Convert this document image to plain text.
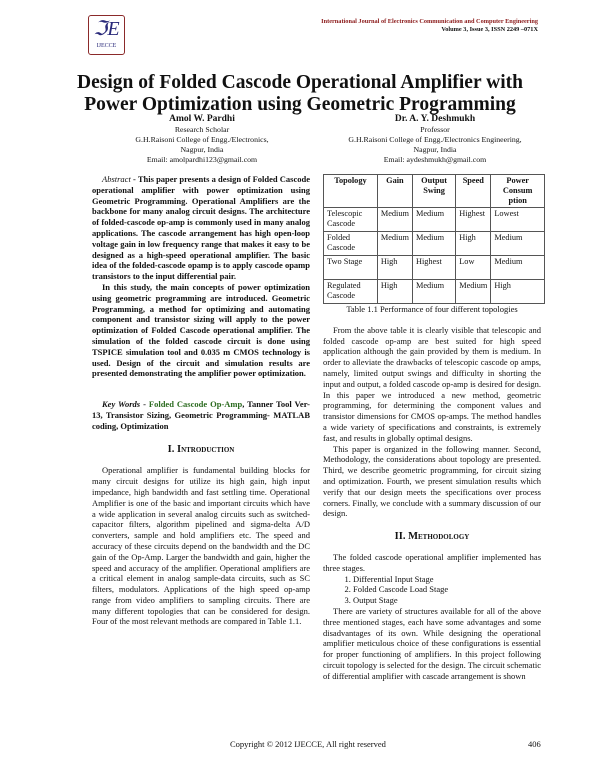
ℑE
IJECCE
International Journal of Electronics Communication and Computer Engineering
Volume 3, Issue 3, ISSN 2249 –071X
Design of Folded Cascode Operational Amplifier with Power Optimization using Geometric Programming
Amol W. Pardhi
Research Scholar
G.H.Raisoni College of Engg./Electronics,
Nagpur, India
Email: amolpardhi123@gmail.com
Dr. A. Y. Deshmukh
Professor
G.H.Raisoni College of Engg./Electronics Engineering,
Nagpur, India
Email: aydeshmukh@gmail.com

Abstract - This paper presents a design of Folded Cascode operational amplifier with power optimization using Geometric Programming. Operational Amplifiers are the backbone for many analog circuit designs. The architecture of folded-cascode op-amp is commonly used in many analog applications. The cascode arrangement has high open-loop voltage gain in low frequency range that makes it easy to be designed as a high-speed operational amplifier. The basic idea of the folded-cascode opamp is to apply cascode opamp transistors to the input differential pair.

In this study, the main concepts of power optimization using geometric programming are introduced. Geometric Programming, a method for optimizing and automating component and transistor sizing will apply to the power optimization of Folded Cascode operational amplifier. The simulation of the folded cascode circuit is done using TSPICE simulation tool and 0.035 m CMOS technology is used. Design of the circuit and simulation results are presented demonstrating the amplifier power optimization.

Key Words - Folded Cascode Op-Amp, Tanner Tool Ver-13, Transistor Sizing, Geometric Programming- MATLAB coding, Optimization

I. Introduction

Operational amplifier is fundamental building blocks for many circuit designs for utilize its high gain, high input impedance, high bandwidth and fast settling time. Operational Amplifier is one of the basic and important circuits which have a wide application in several analog circuits such as switched-capacitor filters, algorithm pipelined and sigma-delta A/D converters, sample and hold amplifiers etc. The speed and accuracy of these circuits depend on the bandwidth and the DC gain of the Op-Amp. Larger the bandwidth and gain, higher the speed and accuracy of the amplifier. Operational amplifiers are a critical element in analog sample-data circuits, such as SC filters, modulators. Applications of the high speed op-amp range from video amplifiers to sampling circuits. There are many different topologies that can be considered for design. Four of the most relevant methods are compared in Table 1.1.

Topology	Gain	Output Swing	Speed	Power Consum ption
Telescopic Cascode	Medium	Medium	Highest	Lowest
Folded Cascode	Medium	Medium	High	Medium
Two Stage	High	Highest	Low	Medium
Regulated Cascode	High	Medium	Medium	High
Table 1.1 Performance of four different topologies

From the above table it is clearly visible that telescopic and folded cascode op-amp are best suited for high speed application although the gain provided by them is medium. In order to alleviate the drawbacks of telescopic cascode op amps, namely, limited output swings and difficulty in shorting the input and output, a folded cascode op-amp is desired for design. In this paper we introduced a new method, geometric programming, for determining the component values and transistor dimensions for CMOS op-amps. The method handles a wide variety of specifications and constraints, is extremely fast, and results in globally optimal designs.

This paper is organized in the following manner. Second, Methodology, the considerations about topology are presented. Third, we describe geometric programming, for circuit sizing and optimization. Fourth, we present simulation results which verify that our design meets the specifications over process corners. Finally, we conclude with a summary discussion of our design.

II. Methodology

The folded cascode operational amplifier implemented has three stages.

1. Differential Input Stage
2. Folded Cascode Load Stage
3. Output Stage

There are variety of structures available for all of the above three mentioned stages, each have some advantages and some disadvantages of its own. While designing the operational amplifier meticulous choice of these configurations is essential for proper functioning of amplifiers. In this project following circuit topology is selected for the design. The circuit schematic of differential amplifier with cascade arrangement is shown

Copyright © 2012 IJECCE, All right reserved	406
